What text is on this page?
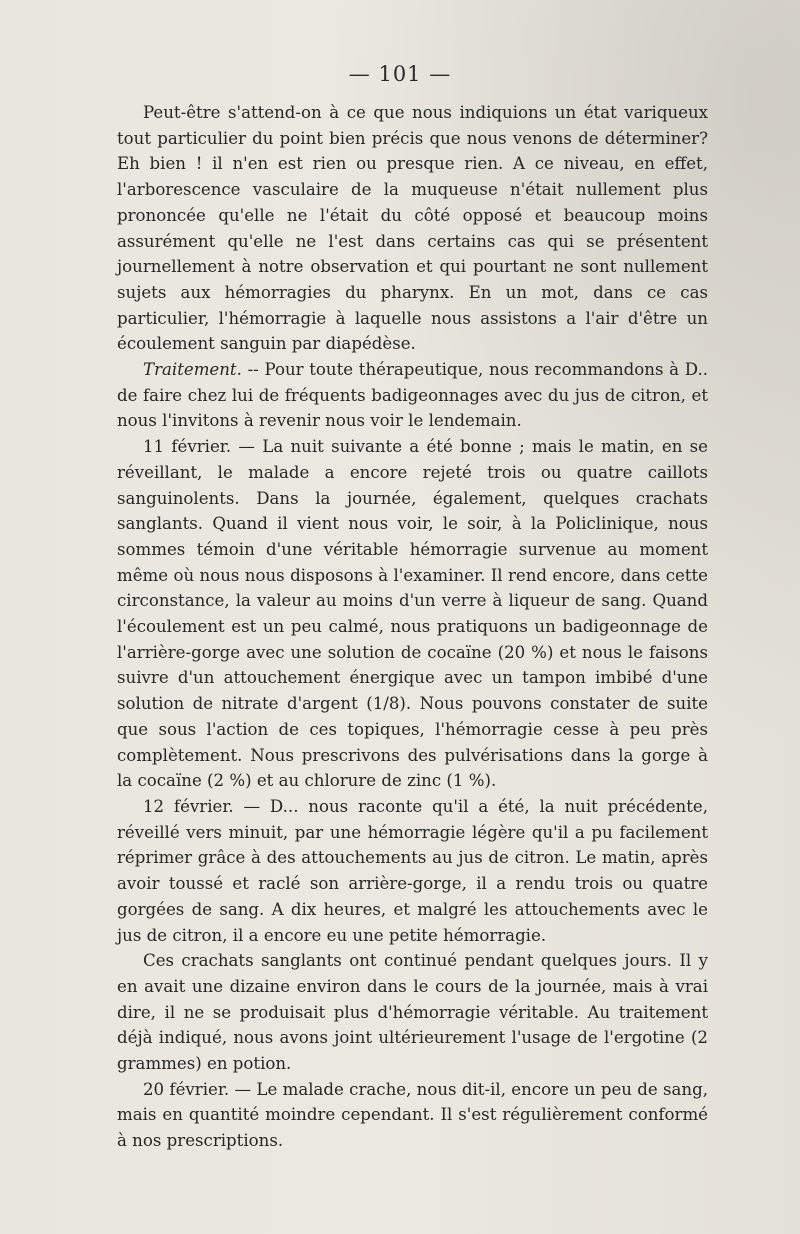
— 101 —

Peut-être s'attend-on à ce que nous indiquions un état variqueux tout particulier du point bien précis que nous venons de déterminer? Eh bien ! il n'en est rien ou presque rien. A ce niveau, en effet, l'arborescence vasculaire de la muqueuse n'était nullement plus prononcée qu'elle ne l'était du côté opposé et beaucoup moins assurément qu'elle ne l'est dans certains cas qui se présentent journellement à notre observation et qui pourtant ne sont nullement sujets aux hémorragies du pharynx. En un mot, dans ce cas particulier, l'hémorragie à laquelle nous assistons a l'air d'être un écoulement sanguin par diapédèse.

Traitement. -- Pour toute thérapeutique, nous recommandons à D.. de faire chez lui de fréquents badigeonnages avec du jus de citron, et nous l'invitons à revenir nous voir le lendemain.

11 février. — La nuit suivante a été bonne ; mais le matin, en se réveillant, le malade a encore rejeté trois ou quatre caillots sanguinolents. Dans la journée, également, quelques crachats sanglants. Quand il vient nous voir, le soir, à la Policlinique, nous sommes témoin d'une véritable hémorragie survenue au moment même où nous nous disposons à l'examiner. Il rend encore, dans cette circonstance, la valeur au moins d'un verre à liqueur de sang. Quand l'écoulement est un peu calmé, nous pratiquons un badigeonnage de l'arrière-gorge avec une solution de cocaïne (20 %) et nous le faisons suivre d'un attouchement énergique avec un tampon imbibé d'une solution de nitrate d'argent (1/8). Nous pouvons constater de suite que sous l'action de ces topiques, l'hémorragie cesse à peu près complètement. Nous prescrivons des pulvérisations dans la gorge à la cocaïne (2 %) et au chlorure de zinc (1 %).

12 février. — D... nous raconte qu'il a été, la nuit précédente, réveillé vers minuit, par une hémorragie légère qu'il a pu facilement réprimer grâce à des attouchements au jus de citron. Le matin, après avoir toussé et raclé son arrière-gorge, il a rendu trois ou quatre gorgées de sang. A dix heures, et malgré les attouchements avec le jus de citron, il a encore eu une petite hémorragie.

Ces crachats sanglants ont continué pendant quelques jours. Il y en avait une dizaine environ dans le cours de la journée, mais à vrai dire, il ne se produisait plus d'hémorragie véritable. Au traitement déjà indiqué, nous avons joint ultérieurement l'usage de l'ergotine (2 grammes) en potion.

20 février. — Le malade crache, nous dit-il, encore un peu de sang, mais en quantité moindre cependant. Il s'est régulièrement conformé à nos prescriptions.
